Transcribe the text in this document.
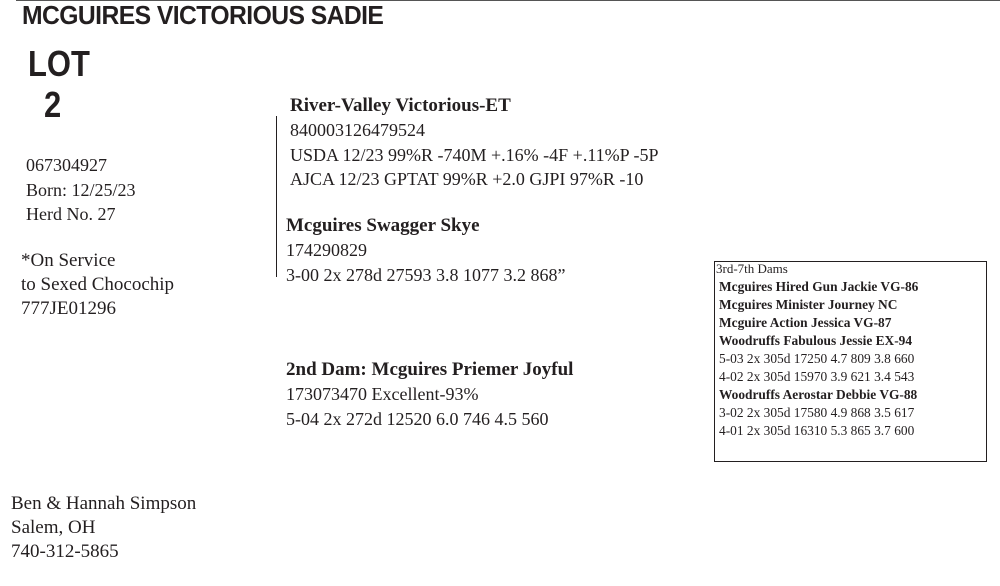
MCGUIRES VICTORIOUS SADIE
LOT
2
067304927
Born: 12/25/23
Herd No. 27
*On Service
to Sexed Chocochip
777JE01296
River-Valley Victorious-ET
840003126479524
USDA 12/23 99%R -740M +.16% -4F +.11%P -5P
AJCA 12/23 GPTAT 99%R +2.0 GJPI 97%R -10
Mcguires Swagger Skye
174290829
3-00 2x 278d 27593 3.8 1077 3.2 868”
2nd Dam: Mcguires Priemer Joyful
173073470 Excellent-93%
5-04 2x 272d 12520 6.0 746 4.5 560
3rd-7th Dams
Mcguires Hired Gun Jackie VG-86
Mcguires Minister Journey NC
Mcguire Action Jessica VG-87
Woodruffs Fabulous Jessie EX-94
5-03 2x 305d 17250 4.7 809 3.8 660
4-02 2x 305d 15970 3.9 621 3.4 543
Woodruffs Aerostar Debbie VG-88
3-02 2x 305d 17580 4.9 868 3.5 617
4-01 2x 305d 16310 5.3 865 3.7 600
Ben & Hannah Simpson
Salem, OH
740-312-5865
